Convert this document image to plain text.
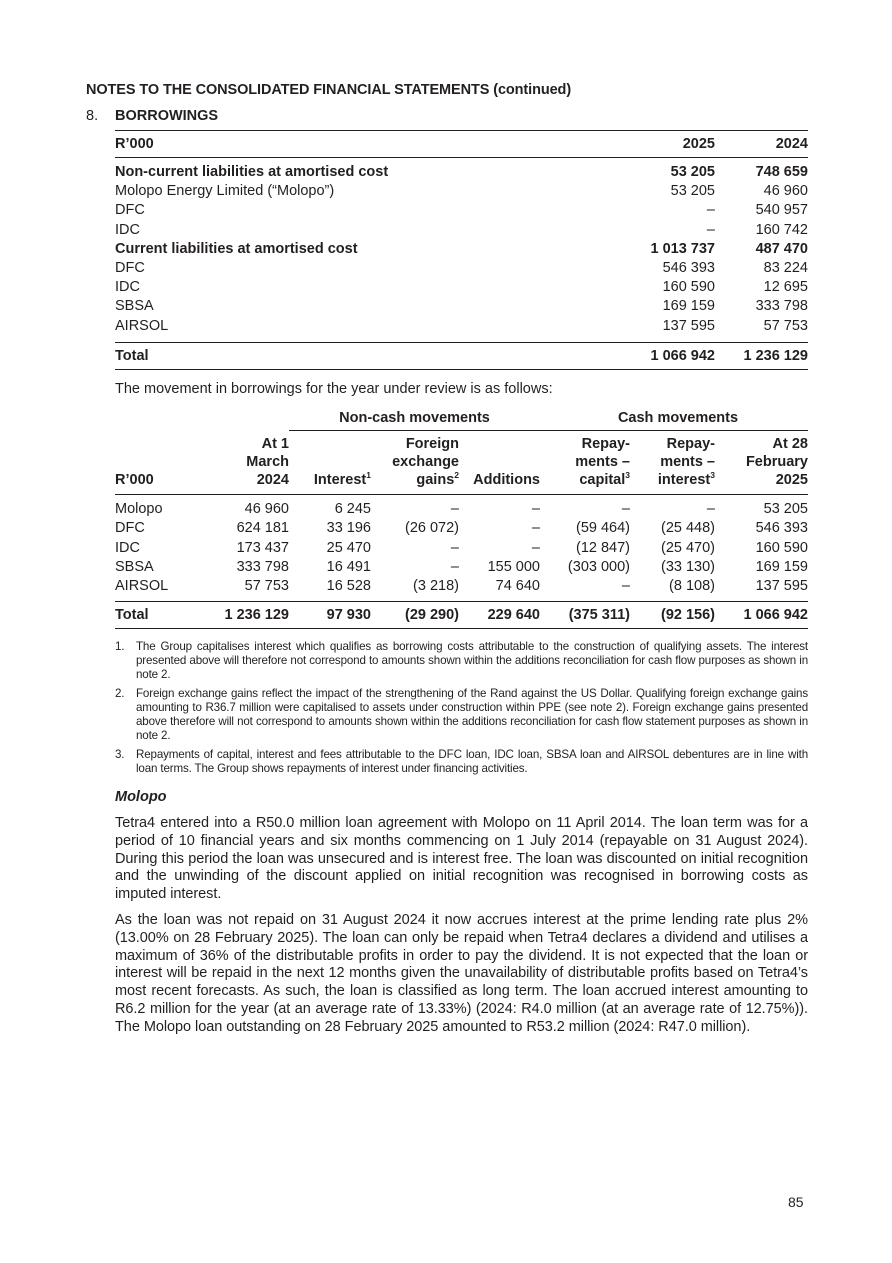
NOTES TO THE CONSOLIDATED FINANCIAL STATEMENTS (continued)
8. BORROWINGS
R’000	2025	2024
Non-current liabilities at amortised cost	53 205	748 659
Molopo Energy Limited (“Molopo”)	53 205	46 960
DFC	–	540 957
IDC	–	160 742
Current liabilities at amortised cost	1 013 737	487 470
DFC	546 393	83 224
IDC	160 590	12 695
SBSA	169 159	333 798
AIRSOL	137 595	57 753

Total	1 066 942	1 236 129
The movement in borrowings for the year under review is as follows:
		Non-cash movements			Cash movements		
R’000	At 1
March
2024	Interest$^1$	Foreign
exchange
gains$^2$	Additions	Repay-
ments –
capital$^3$	Repay-
ments –
interest$^3$	At 28
February
2025
Molopo	46 960	6 245	–	–	–	–	53 205
DFC	624 181	33 196	(26 072)	–	(59 464)	(25 448)	546 393
IDC	173 437	25 470	–	–	(12 847)	(25 470)	160 590
SBSA	333 798	16 491	–	155 000	(303 000)	(33 130)	169 159
AIRSOL	57 753	16 528	(3 218)	74 640	–	(8 108)	137 595

Total	1 236 129	97 930	(29 290)	229 640	(375 311)	(92 156)	1 066 942
1.	The Group capitalises interest which qualifies as borrowing costs attributable to the construction of qualifying assets. The interest presented above will therefore not correspond to amounts shown within the additions reconciliation for cash flow purposes as shown in note 2.
2.	Foreign exchange gains reflect the impact of the strengthening of the Rand against the US Dollar. Qualifying foreign exchange gains amounting to R36.7 million were capitalised to assets under construction within PPE (see note 2). Foreign exchange gains presented above therefore will not correspond to amounts shown within the additions reconciliation for cash flow statement purposes as shown in note 2.
3.	Repayments of capital, interest and fees attributable to the DFC loan, IDC loan, SBSA loan and AIRSOL debentures are in line with loan terms. The Group shows repayments of interest under financing activities.
Molopo
Tetra4 entered into a R50.0 million loan agreement with Molopo on 11 April 2014. The loan term was for a period of 10 financial years and six months commencing on 1 July 2014 (repayable on 31 August 2024). During this period the loan was unsecured and is interest free. The loan was discounted on initial recognition and the unwinding of the discount applied on initial recognition was recognised in borrowing costs as imputed interest.
As the loan was not repaid on 31 August 2024 it now accrues interest at the prime lending rate plus 2% (13.00% on 28 February 2025). The loan can only be repaid when Tetra4 declares a dividend and utilises a maximum of 36% of the distributable profits in order to pay the dividend. It is not expected that the loan or interest will be repaid in the next 12 months given the unavailability of distributable profits based on Tetra4’s most recent forecasts. As such, the loan is classified as long term. The loan accrued interest amounting to R6.2 million for the year (at an average rate of 13.33%) (2024: R4.0 million (at an average rate of 12.75%)). The Molopo loan outstanding on 28 February 2025 amounted to R53.2 million (2024: R47.0 million).
85
